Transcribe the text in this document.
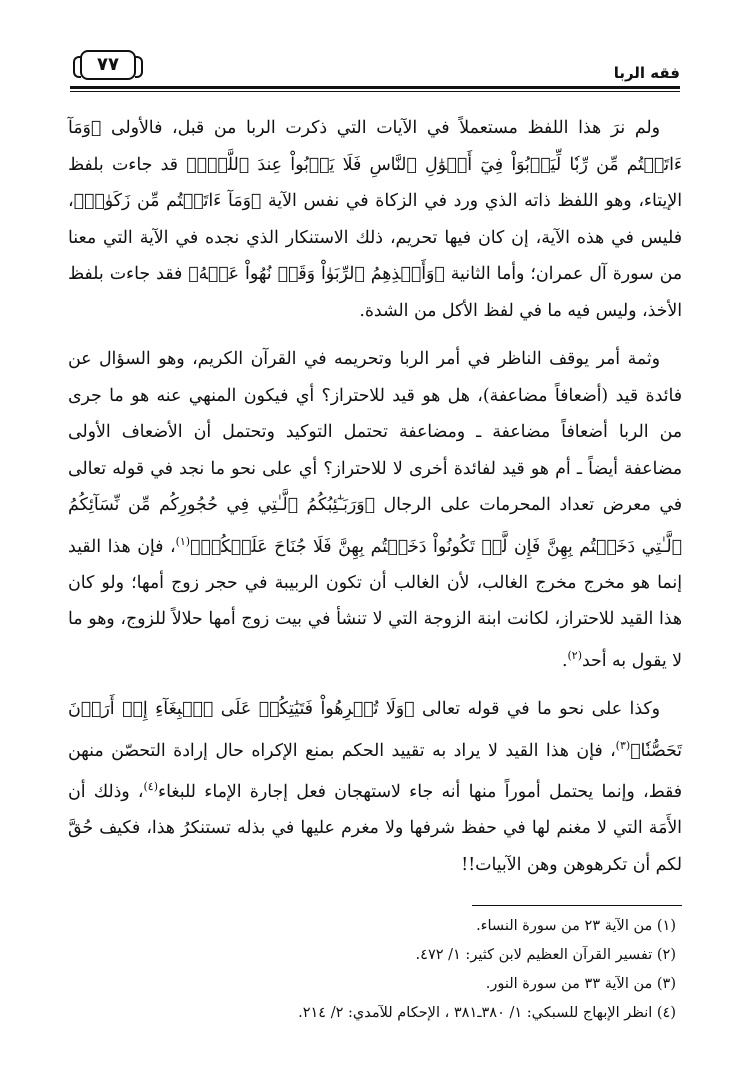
فقه الربا
٧٧

ولم نرَ هذا اللفظ مستعملاً في الآيات التي ذكرت الربا من قبل، فالأولى ﴿وَمَآ ءَاتَيۡتُم مِّن رِّبٗا لِّيَرۡبُوَاْ فِيٓ أَمۡوَٰلِ ٱلنَّاسِ فَلَا يَرۡبُواْ عِندَ ٱللَّهِۖ﴾ قد جاءت بلفظ الإيتاء، وهو اللفظ ذاته الذي ورد في الزكاة في نفس الآية ﴿وَمَآ ءَاتَيۡتُم مِّن زَكَوٰةٖ﴾، فليس في هذه الآية، إن كان فيها تحريم، ذلك الاستنكار الذي نجده في الآية التي معنا من سورة آل عمران؛ وأما الثانية ﴿وَأَخۡذِهِمُ ٱلرِّبَوٰاْ وَقَدۡ نُهُواْ عَنۡهُ﴾ فقد جاءت بلفظ الأخذ، وليس فيه ما في لفظ الأكل من الشدة.

وثمة أمر يوقف الناظر في أمر الربا وتحريمه في القرآن الكريم، وهو السؤال عن فائدة قيد (أضعافاً مضاعفة)، هل هو قيد للاحتراز؟ أي فيكون المنهي عنه هو ما جرى من الربا أضعافاً مضاعفة ـ ومضاعفة تحتمل التوكيد وتحتمل أن الأضعاف الأولى مضاعفة أيضاً ـ أم هو قيد لفائدة أخرى لا للاحتراز؟ أي على نحو ما نجد في قوله تعالى في معرض تعداد المحرمات على الرجال ﴿وَرَبَـٰٓئِبُكُمُ ٱلَّـٰتِي فِي حُجُورِكُم مِّن نِّسَآئِكُمُ ٱلَّـٰتِي دَخَلۡتُم بِهِنَّ فَإِن لَّمۡ تَكُونُواْ دَخَلۡتُم بِهِنَّ فَلَا جُنَاحَ عَلَيۡكُمۡ﴾$^{(١)}$، فإن هذا القيد إنما هو مخرج مخرج الغالب، لأن الغالب أن تكون الربيبة في حجر زوج أمها؛ ولو كان هذا القيد للاحتراز، لكانت ابنة الزوجة التي لا تنشأ في بيت زوج أمها حلالاً للزوج، وهو ما لا يقول به أحد$^{(٢)}$.

وكذا على نحو ما في قوله تعالى ﴿وَلَا تُكۡرِهُواْ فَتَيَٰتِكُمۡ عَلَى ٱلۡبِغَآءِ إِنۡ أَرَدۡنَ تَحَصُّنٗا﴾$^{(٣)}$، فإن هذا القيد لا يراد به تقييد الحكم بمنع الإكراه حال إرادة التحصّن منهن فقط، وإنما يحتمل أموراً منها أنه جاء لاستهجان فعل إجارة الإماء للبغاء$^{(٤)}$، وذلك أن الأَمَة التي لا مغنم لها في حفظ شرفها ولا مغرم عليها في بذله تستنكرُ هذا، فكيف حُقَّ لكم أن تكرهوهن وهن الآبيات!!

(١) من الآية ٢٣ من سورة النساء.
(٢) تفسير القرآن العظيم لابن كثير: ١/ ٤٧٢.
(٣) من الآية ٣٣ من سورة النور.
(٤) انظر الإبهاج للسبكي: ١/ ٣٨٠ـ٣٨١ ، الإحكام للآمدي: ٢/ ٢١٤.
